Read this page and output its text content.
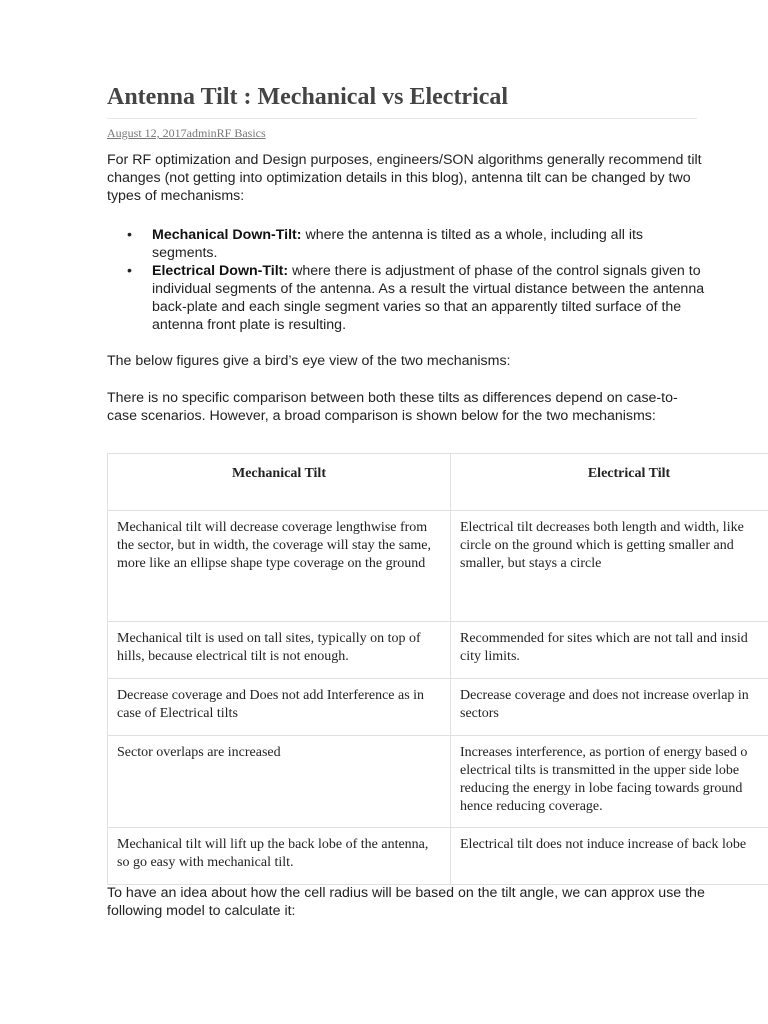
Antenna Tilt : Mechanical vs Electrical
August 12, 2017adminRF Basics

For RF optimization and Design purposes, engineers/SON algorithms generally recommend tilt changes (not getting into optimization details in this blog), antenna tilt can be changed by two types of mechanisms:

• Mechanical Down-Tilt: where the antenna is tilted as a whole, including all its segments.
• Electrical Down-Tilt: where there is adjustment of phase of the control signals given to individual segments of the antenna. As a result the virtual distance between the antenna back-plate and each single segment varies so that an apparently tilted surface of the antenna front plate is resulting.

The below figures give a bird’s eye view of the two mechanisms:

There is no specific comparison between both these tilts as differences depend on case-to-case scenarios. However, a broad comparison is shown below for the two mechanisms:

Mechanical Tilt	Electrical Tilt
Mechanical tilt will decrease coverage lengthwise from the sector, but in width, the coverage will stay the same, more like an ellipse shape type coverage on the ground	Electrical tilt decreases both length and width, like
circle on the ground which is getting smaller and
smaller, but stays a circle

Mechanical tilt is used on tall sites, typically on top of hills, because electrical tilt is not enough.	Recommended for sites which are not tall and insid
city limits.

Decrease coverage and Does not add Interference as in case of Electrical tilts	Decrease coverage and does not increase overlap in
sectors

Sector overlaps are increased	Increases interference, as portion of energy based o
electrical tilts is transmitted in the upper side lobe
reducing the energy in lobe facing towards ground
hence reducing coverage.

Mechanical tilt will lift up the back lobe of the antenna, so go easy with mechanical tilt.	Electrical tilt does not induce increase of back lobe

To have an idea about how the cell radius will be based on the tilt angle, we can approx use the following model to calculate it:
